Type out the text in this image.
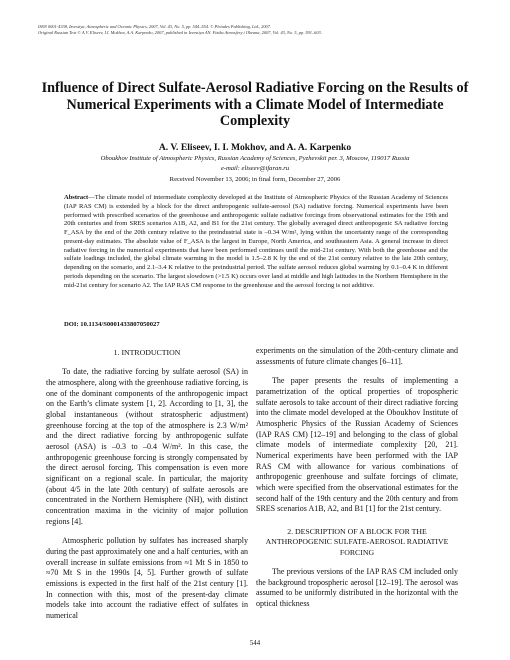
ISSN 0001-4338, Izvestiya, Atmospheric and Oceanic Physics, 2007, Vol. 43, No. 5, pp. 544–554. © Pleiades Publishing, Ltd., 2007.
Original Russian Text © A.V. Eliseev, I.I. Mokhov, A.A. Karpenko, 2007, published in Izvestiya AN. Fizika Atmosfery i Okeana, 2007, Vol. 43, No. 5, pp. 591–603.
Influence of Direct Sulfate-Aerosol Radiative Forcing on the Results of Numerical Experiments with a Climate Model of Intermediate Complexity
A. V. Eliseev, I. I. Mokhov, and A. A. Karpenko
Oboukhov Institute of Atmospheric Physics, Russian Academy of Sciences, Pyzhevskii per. 3, Moscow, 119017 Russia
e-mail: eliseev@ifaran.ru
Received November 13, 2006; in final form, December 27, 2006
Abstract—The climate model of intermediate complexity developed at the Institute of Atmospheric Physics of the Russian Academy of Sciences (IAP RAS CM) is extended by a block for the direct anthropogenic sulfate-aerosol (SA) radiative forcing. Numerical experiments have been performed with prescribed scenarios of the greenhouse and anthropogenic sulfate radiative forcings from observational estimates for the 19th and 20th centuries and from SRES scenarios A1B, A2, and B1 for the 21st century. The globally averaged direct anthropogenic SA radiative forcing F_ASA by the end of the 20th century relative to the preindustrial state is –0.34 W/m², lying within the uncertainty range of the corresponding present-day estimates. The absolute value of F_ASA is the largest in Europe, North America, and southeastern Asia. A general increase in direct radiative forcing in the numerical experiments that have been performed continues until the mid-21st century. With both the greenhouse and the sulfate loadings included, the global climate warming in the model is 1.5–2.8 K by the end of the 21st century relative to the late 20th century, depending on the scenario, and 2.1–3.4 K relative to the preindustrial period. The sulfate aerosol reduces global warming by 0.1–0.4 K in different periods depending on the scenario. The largest slowdown (>1.5 K) occurs over land at middle and high latitudes in the Northern Hemisphere in the mid-21st century for scenario A2. The IAP RAS CM response to the greenhouse and the aerosol forcing is not additive.
DOI: 10.1134/S0001433807050027
1. INTRODUCTION

To date, the radiative forcing by sulfate aerosol (SA) in the atmosphere, along with the greenhouse radiative forcing, is one of the dominant components of the anthropogenic impact on the Earth’s climate system [1, 2]. According to [1, 3], the global instantaneous (without stratospheric adjustment) greenhouse forcing at the top of the atmosphere is 2.3 W/m² and the direct radiative forcing by anthropogenic sulfate aerosol (ASA) is –0.3 to –0.4 W/m². In this case, the anthropogenic greenhouse forcing is strongly compensated by the direct aerosol forcing. This compensation is even more significant on a regional scale. In particular, the majority (about 4/5 in the late 20th century) of sulfate aerosols are concentrated in the Northern Hemisphere (NH), with distinct concentration maxima in the vicinity of major pollution regions [4].

Atmospheric pollution by sulfates has increased sharply during the past approximately one and a half centuries, with an overall increase in sulfate emissions from ≈1 Mt S in 1850 to ≈70 Mt S in the 1990s [4, 5]. Further growth of sulfate emissions is expected in the first half of the 21st century [1]. In connection with this, most of the present-day climate models take into account the radiative effect of sulfates in numerical

experiments on the simulation of the 20th-century climate and assessments of future climate changes [6–11].

The paper presents the results of implementing a parametrization of the optical properties of tropospheric sulfate aerosols to take account of their direct radiative forcing into the climate model developed at the Oboukhov Institute of Atmospheric Physics of the Russian Academy of Sciences (IAP RAS CM) [12–19] and belonging to the class of global climate models of intermediate complexity [20, 21]. Numerical experiments have been performed with the IAP RAS CM with allowance for various combinations of anthropogenic greenhouse and sulfate forcings of climate, which were specified from the observational estimates for the second half of the 19th century and the 20th century and from SRES scenarios A1B, A2, and B1 [1] for the 21st century.

2. DESCRIPTION OF A BLOCK FOR THE ANTHROPOGENIC SULFATE-AEROSOL RADIATIVE FORCING

The previous versions of the IAP RAS CM included only the background tropospheric aerosol [12–19]. The aerosol was assumed to be uniformly distributed in the horizontal with the optical thickness

544
